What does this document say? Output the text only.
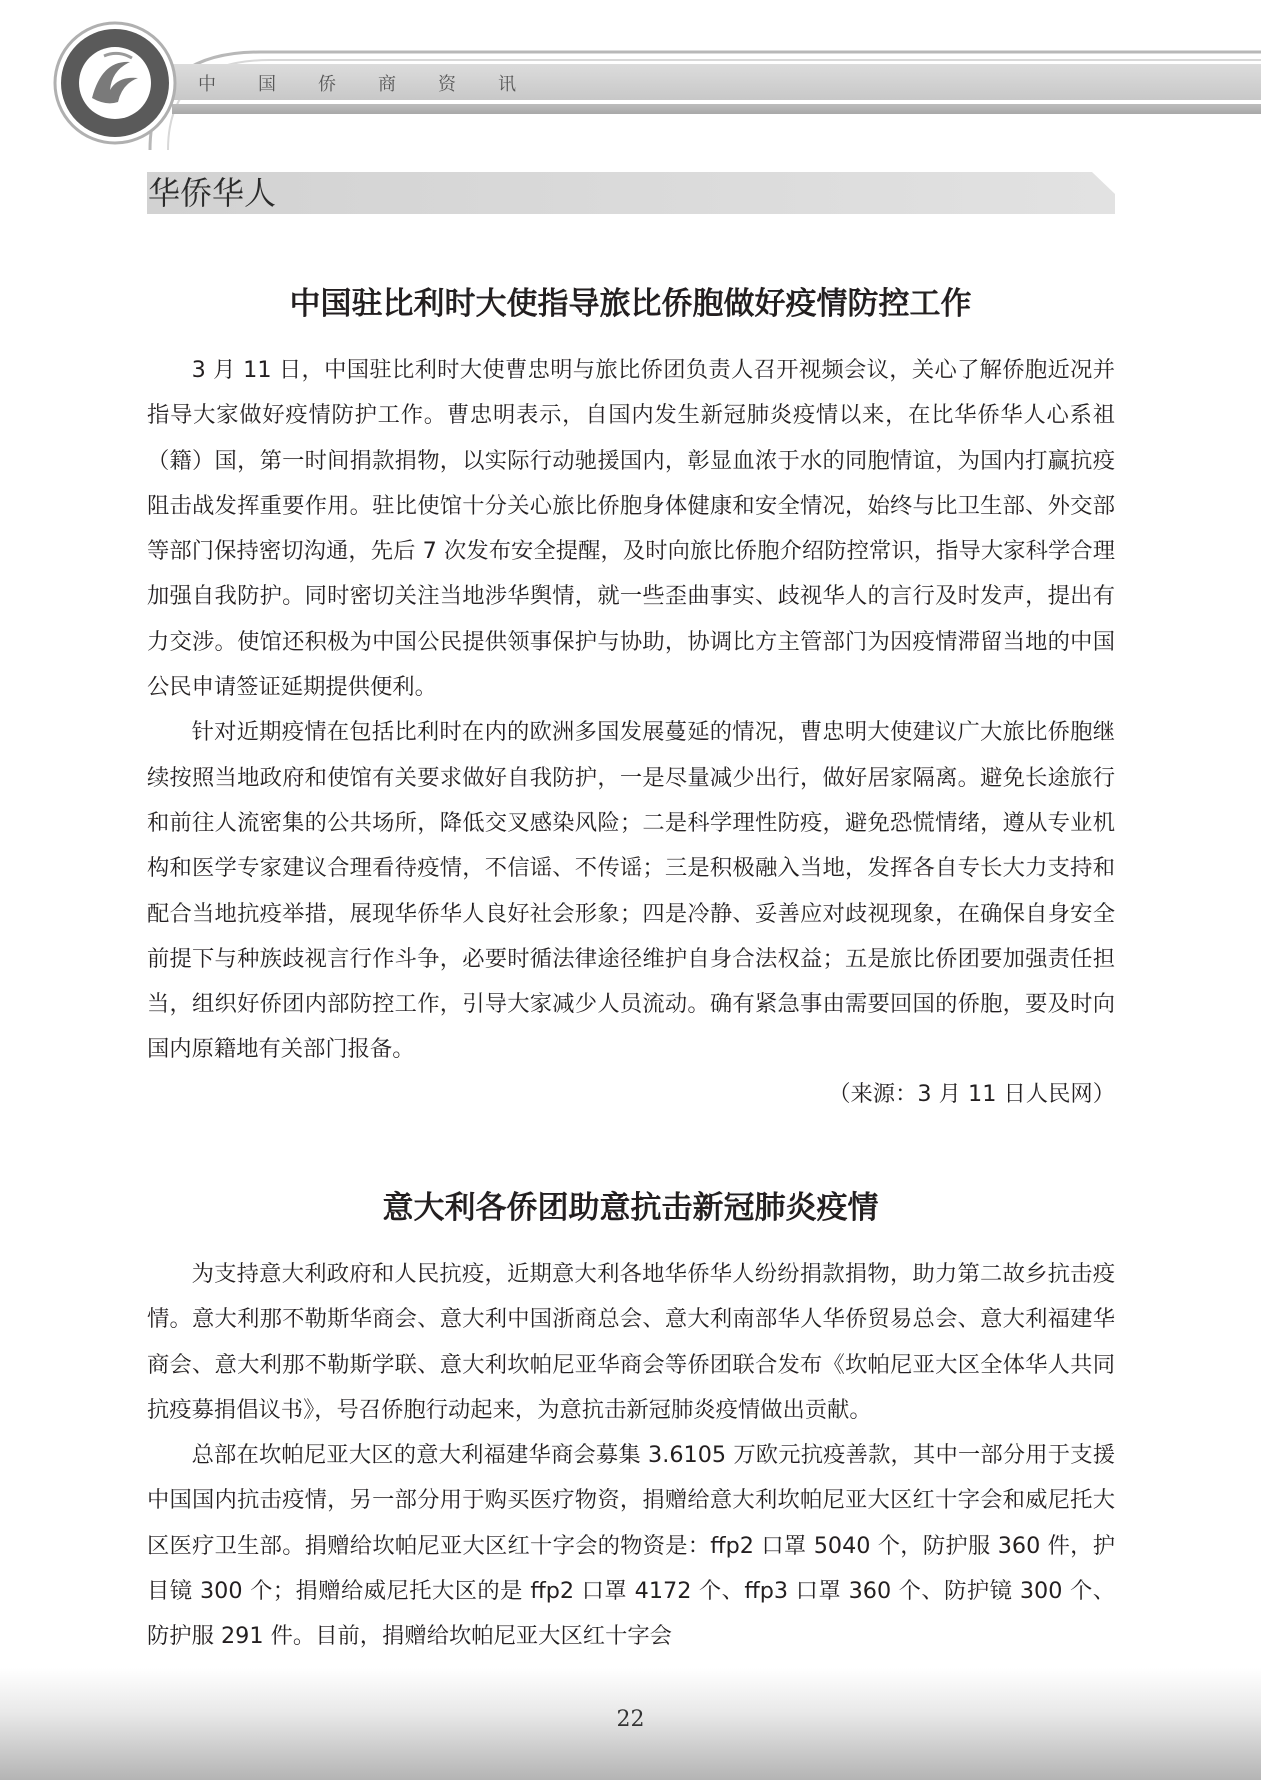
中 国 侨 商 资 讯
华侨华人
中国驻比利时大使指导旅比侨胞做好疫情防控工作

3 月 11 日，中国驻比利时大使曹忠明与旅比侨团负责人召开视频会议，关心了解侨胞近况并指导大家做好疫情防护工作。曹忠明表示，自国内发生新冠肺炎疫情以来，在比华侨华人心系祖（籍）国，第一时间捐款捐物，以实际行动驰援国内，彰显血浓于水的同胞情谊，为国内打赢抗疫阻击战发挥重要作用。驻比使馆十分关心旅比侨胞身体健康和安全情况，始终与比卫生部、外交部等部门保持密切沟通，先后 7 次发布安全提醒，及时向旅比侨胞介绍防控常识，指导大家科学合理加强自我防护。同时密切关注当地涉华舆情，就一些歪曲事实、歧视华人的言行及时发声，提出有力交涉。使馆还积极为中国公民提供领事保护与协助，协调比方主管部门为因疫情滞留当地的中国公民申请签证延期提供便利。

针对近期疫情在包括比利时在内的欧洲多国发展蔓延的情况，曹忠明大使建议广大旅比侨胞继续按照当地政府和使馆有关要求做好自我防护，一是尽量减少出行，做好居家隔离。避免长途旅行和前往人流密集的公共场所，降低交叉感染风险；二是科学理性防疫，避免恐慌情绪，遵从专业机构和医学专家建议合理看待疫情，不信谣、不传谣；三是积极融入当地，发挥各自专长大力支持和配合当地抗疫举措，展现华侨华人良好社会形象；四是冷静、妥善应对歧视现象，在确保自身安全前提下与种族歧视言行作斗争，必要时循法律途径维护自身合法权益；五是旅比侨团要加强责任担当，组织好侨团内部防控工作，引导大家减少人员流动。确有紧急事由需要回国的侨胞，要及时向国内原籍地有关部门报备。

（来源：3 月 11 日人民网）
意大利各侨团助意抗击新冠肺炎疫情

为支持意大利政府和人民抗疫，近期意大利各地华侨华人纷纷捐款捐物，助力第二故乡抗击疫情。意大利那不勒斯华商会、意大利中国浙商总会、意大利南部华人华侨贸易总会、意大利福建华商会、意大利那不勒斯学联、意大利坎帕尼亚华商会等侨团联合发布《坎帕尼亚大区全体华人共同抗疫募捐倡议书》，号召侨胞行动起来，为意抗击新冠肺炎疫情做出贡献。

总部在坎帕尼亚大区的意大利福建华商会募集 3.6105 万欧元抗疫善款，其中一部分用于支援中国国内抗击疫情，另一部分用于购买医疗物资，捐赠给意大利坎帕尼亚大区红十字会和威尼托大区医疗卫生部。捐赠给坎帕尼亚大区红十字会的物资是：ffp2 口罩 5040 个，防护服 360 件，护目镜 300 个；捐赠给威尼托大区的是 ffp2 口罩 4172 个、ffp3 口罩 360 个、防护镜 300 个、防护服 291 件。目前，捐赠给坎帕尼亚大区红十字会

22
